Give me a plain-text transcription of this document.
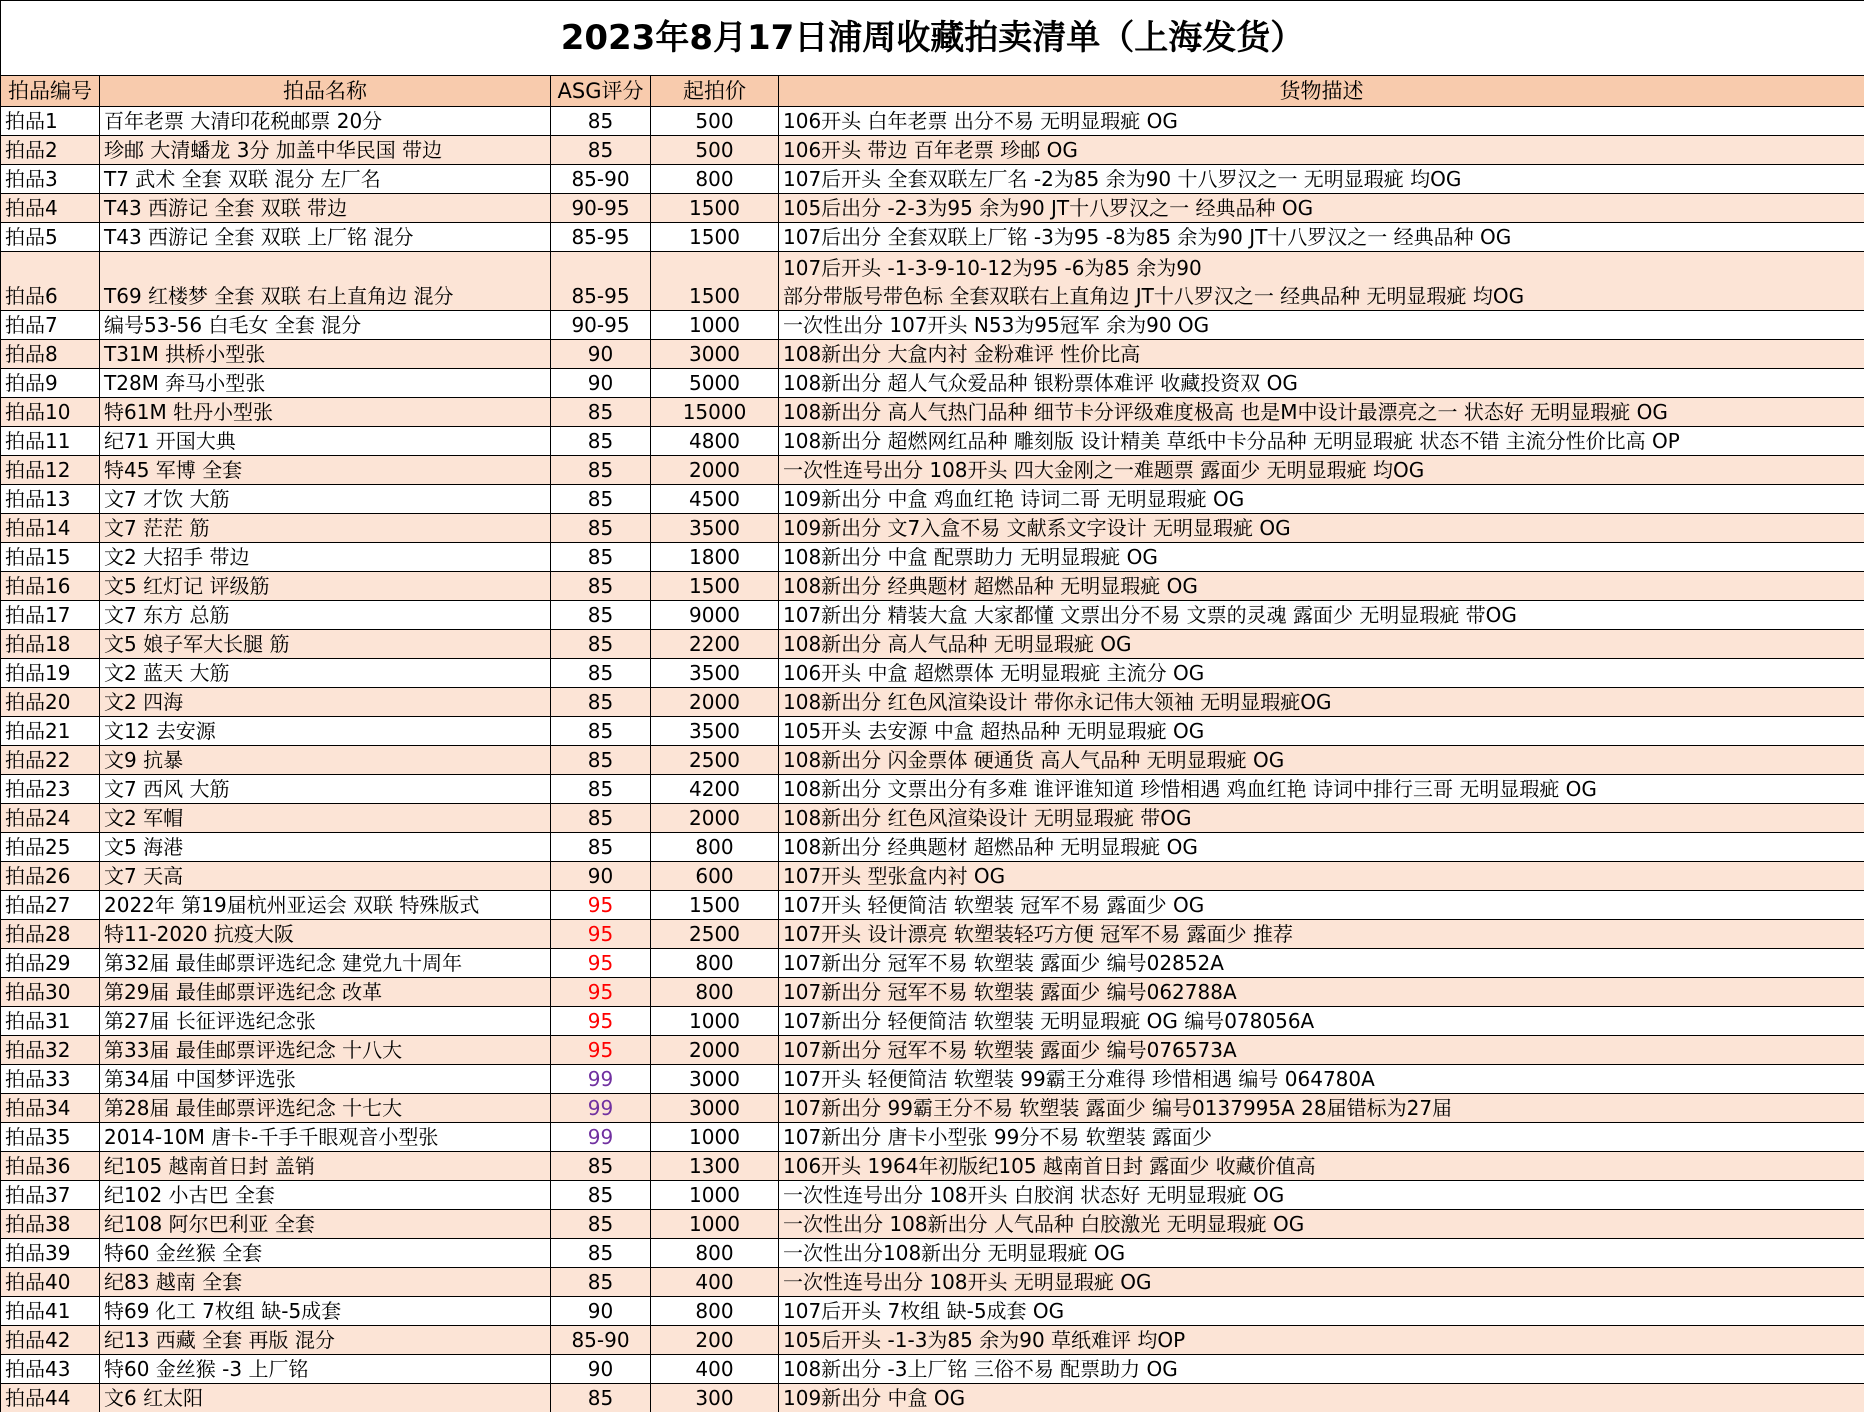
2023年8月17日浦周收藏拍卖清单（上海发货）				
拍品编号	拍品名称	ASG评分	起拍价	货物描述
拍品1	百年老票 大清印花税邮票 20分	85	500	106开头 白年老票 出分不易 无明显瑕疵 OG

拍品2	珍邮 大清蟠龙 3分 加盖中华民国 带边	85	500	106开头 带边 百年老票 珍邮 OG

拍品3	T7 武术 全套 双联 混分 左厂名	85-90	800	107后开头 全套双联左厂名 -2为85 余为90 十八罗汉之一 无明显瑕疵 均OG

拍品4	T43 西游记 全套 双联 带边	90-95	1500	105后出分 -2-3为95 余为90 JT十八罗汉之一 经典品种 OG

拍品5	T43 西游记 全套 双联 上厂铭 混分	85-95	1500	107后出分 全套双联上厂铭 -3为95 -8为85 余为90 JT十八罗汉之一 经典品种 OG

拍品6	T69 红楼梦 全套 双联 右上直角边 混分	85-95	1500	107后开头 -1-3-9-10-12为95 -6为85 余为90
部分带版号带色标 全套双联右上直角边 JT十八罗汉之一 经典品种 无明显瑕疵 均OG

拍品7	编号53-56 白毛女 全套 混分	90-95	1000	一次性出分 107开头 N53为95冠军 余为90 OG

拍品8	T31M 拱桥小型张	90	3000	108新出分 大盒内衬 金粉难评 性价比高

拍品9	T28M 奔马小型张	90	5000	108新出分 超人气众爱品种 银粉票体难评 收藏投资双 OG

拍品10	特61M 牡丹小型张	85	15000	108新出分 高人气热门品种 细节卡分评级难度极高 也是M中设计最漂亮之一 状态好 无明显瑕疵 OG

拍品11	纪71 开国大典	85	4800	108新出分 超燃网红品种 雕刻版 设计精美 草纸中卡分品种 无明显瑕疵 状态不错 主流分性价比高 OP

拍品12	特45 军博 全套	85	2000	一次性连号出分 108开头 四大金刚之一难题票 露面少 无明显瑕疵 均OG

拍品13	文7 才饮 大筋	85	4500	109新出分 中盒 鸡血红艳 诗词二哥 无明显瑕疵 OG

拍品14	文7 茫茫 筋	85	3500	109新出分 文7入盒不易 文献系文字设计 无明显瑕疵 OG

拍品15	文2 大招手 带边	85	1800	108新出分 中盒 配票助力 无明显瑕疵 OG

拍品16	文5 红灯记 评级筋	85	1500	108新出分 经典题材 超燃品种 无明显瑕疵 OG

拍品17	文7 东方 总筋	85	9000	107新出分 精装大盒 大家都懂 文票出分不易 文票的灵魂 露面少 无明显瑕疵 带OG

拍品18	文5 娘子军大长腿 筋	85	2200	108新出分 高人气品种 无明显瑕疵 OG

拍品19	文2 蓝天 大筋	85	3500	106开头 中盒 超燃票体 无明显瑕疵 主流分 OG

拍品20	文2 四海	85	2000	108新出分 红色风渲染设计 带你永记伟大领袖 无明显瑕疵OG

拍品21	文12 去安源	85	3500	105开头 去安源 中盒 超热品种 无明显瑕疵 OG

拍品22	文9 抗暴	85	2500	108新出分 闪金票体 硬通货 高人气品种 无明显瑕疵 OG

拍品23	文7 西风 大筋	85	4200	108新出分 文票出分有多难 谁评谁知道 珍惜相遇 鸡血红艳 诗词中排行三哥 无明显瑕疵 OG

拍品24	文2 军帽	85	2000	108新出分 红色风渲染设计 无明显瑕疵 带OG

拍品25	文5 海港	85	800	108新出分 经典题材 超燃品种 无明显瑕疵 OG

拍品26	文7 天高	90	600	107开头 型张盒内衬 OG

拍品27	2022年 第19届杭州亚运会 双联 特殊版式	95	1500	107开头 轻便简洁 软塑装 冠军不易 露面少 OG

拍品28	特11-2020 抗疫大阪	95	2500	107开头 设计漂亮 软塑装轻巧方便 冠军不易 露面少 推荐

拍品29	第32届 最佳邮票评选纪念 建党九十周年	95	800	107新出分 冠军不易 软塑装 露面少 编号02852A

拍品30	第29届 最佳邮票评选纪念 改革	95	800	107新出分 冠军不易 软塑装 露面少 编号062788A

拍品31	第27届 长征评选纪念张	95	1000	107新出分 轻便简洁 软塑装 无明显瑕疵 OG 编号078056A

拍品32	第33届 最佳邮票评选纪念 十八大	95	2000	107新出分 冠军不易 软塑装 露面少 编号076573A

拍品33	第34届 中国梦评选张	99	3000	107开头 轻便简洁 软塑装 99霸王分难得 珍惜相遇 编号 064780A

拍品34	第28届 最佳邮票评选纪念 十七大	99	3000	107新出分 99霸王分不易 软塑装 露面少 编号0137995A 28届错标为27届

拍品35	2014-10M 唐卡-千手千眼观音小型张	99	1000	107新出分 唐卡小型张 99分不易 软塑装 露面少

拍品36	纪105 越南首日封 盖销	85	1300	106开头 1964年初版纪105 越南首日封 露面少 收藏价值高

拍品37	纪102 小古巴 全套	85	1000	一次性连号出分 108开头 白胶润 状态好 无明显瑕疵 OG

拍品38	纪108 阿尔巴利亚 全套	85	1000	一次性出分 108新出分 人气品种 白胶激光 无明显瑕疵 OG

拍品39	特60 金丝猴 全套	85	800	一次性出分108新出分 无明显瑕疵 OG

拍品40	纪83 越南 全套	85	400	一次性连号出分 108开头 无明显瑕疵 OG

拍品41	特69 化工 7枚组 缺-5成套	90	800	107后开头 7枚组 缺-5成套 OG

拍品42	纪13 西藏 全套 再版 混分	85-90	200	105后开头 -1-3为85 余为90 草纸难评 均OP

拍品43	特60 金丝猴 -3 上厂铭	90	400	108新出分 -3上厂铭 三俗不易 配票助力 OG

拍品44	文6 红太阳	85	300	109新出分 中盒 OG
